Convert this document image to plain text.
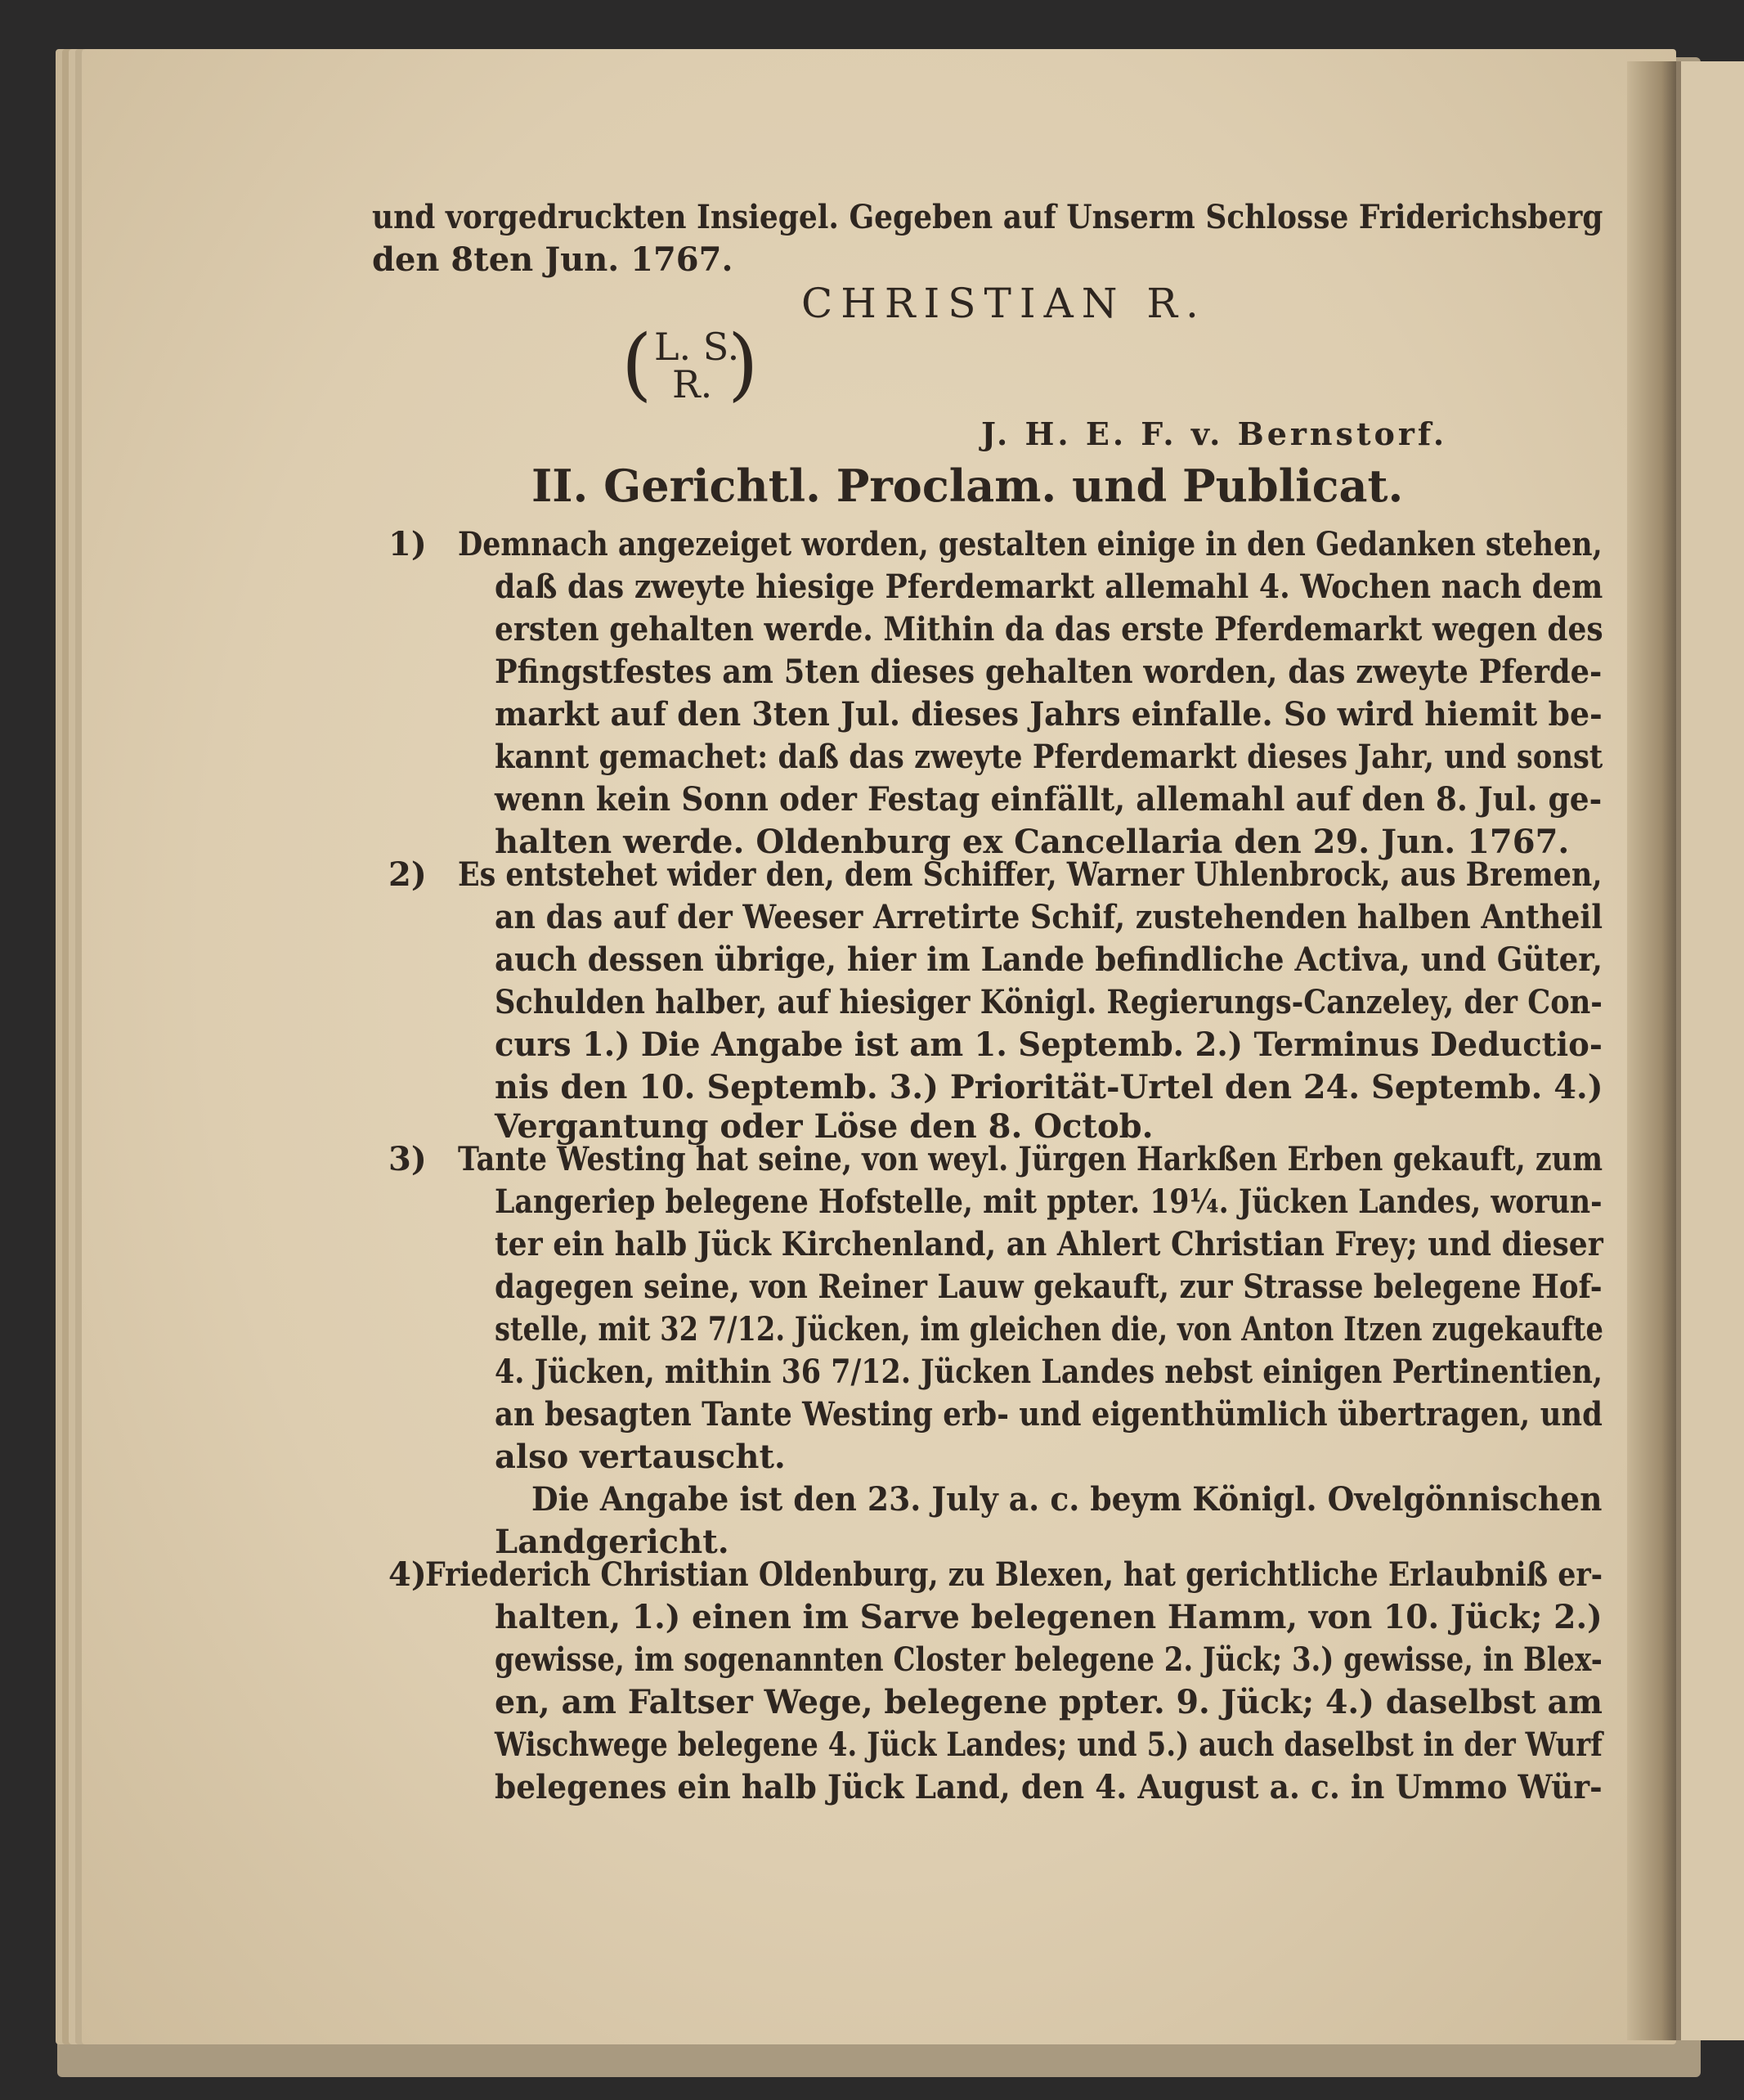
und vorgedruckten Insiegel. Gegeben auf Unserm Schlosse Friderichsberg
den 8ten Jun. 1767.
CHRISTIAN R.
( L. S.
R. )
J. H. E. F. v. Bernstorf.
II. Gerichtl. Proclam. und Publicat.
1) Demnach angezeiget worden, gestalten einige in den Gedanken stehen,
daß das zweyte hiesige Pferdemarkt allemahl 4. Wochen nach dem
ersten gehalten werde. Mithin da das erste Pferdemarkt wegen des
Pfingstfestes am 5ten dieses gehalten worden, das zweyte Pferde-
markt auf den 3ten Jul. dieses Jahrs einfalle. So wird hiemit be-
kannt gemachet: daß das zweyte Pferdemarkt dieses Jahr, und sonst
wenn kein Sonn oder Festag einfällt, allemahl auf den 8. Jul. ge-
halten werde. Oldenburg ex Cancellaria den 29. Jun. 1767.
2) Es entstehet wider den, dem Schiffer, Warner Uhlenbrock, aus Bremen,
an das auf der Weeser Arretirte Schif, zustehenden halben Antheil
auch dessen übrige, hier im Lande befindliche Activa, und Güter,
Schulden halber, auf hiesiger Königl. Regierungs-Canzeley, der Con-
curs 1.) Die Angabe ist am 1. Septemb. 2.) Terminus Deductio-
nis den 10. Septemb. 3.) Priorität-Urtel den 24. Septemb. 4.)
Vergantung oder Löse den 8. Octob.
3) Tante Westing hat seine, von weyl. Jürgen Harkßen Erben gekauft, zum
Langeriep belegene Hofstelle, mit ppter. 19¼. Jücken Landes, worun-
ter ein halb Jück Kirchenland, an Ahlert Christian Frey; und dieser
dagegen seine, von Reiner Lauw gekauft, zur Strasse belegene Hof-
stelle, mit 32 7/12. Jücken, im gleichen die, von Anton Itzen zugekaufte
4. Jücken, mithin 36 7/12. Jücken Landes nebst einigen Pertinentien,
an besagten Tante Westing erb- und eigenthümlich übertragen, und
also vertauscht.
Die Angabe ist den 23. July a. c. beym Königl. Ovelgönnischen
Landgericht.
4)
Friederich Christian Oldenburg, zu Blexen, hat gerichtliche Erlaubniß er-
halten, 1.) einen im Sarve belegenen Hamm, von 10. Jück; 2.)
gewisse, im sogenannten Closter belegene 2. Jück; 3.) gewisse, in Blex-
en, am Faltser Wege, belegene ppter. 9. Jück; 4.) daselbst am
Wischwege belegene 4. Jück Landes; und 5.) auch daselbst in der Wurf
belegenes ein halb Jück Land, den 4. August a. c. in Ummo Wür-
